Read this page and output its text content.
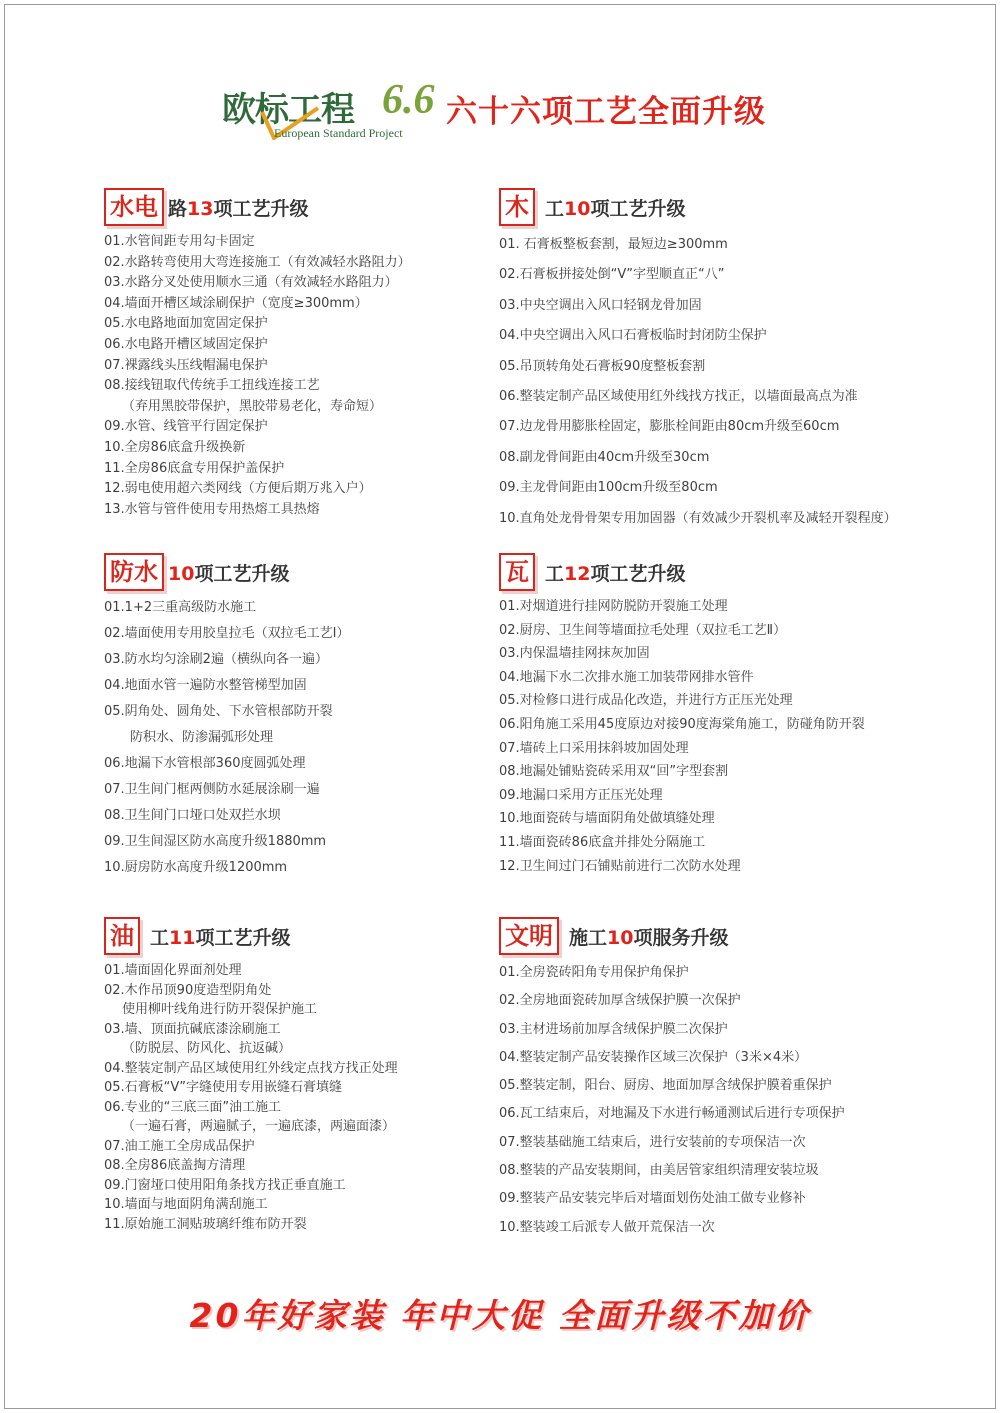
欧标工程 6.6
European Standard Project
六十六项工艺全面升级
水电 路13项工艺升级
01.水管间距专用勾卡固定
02.水路转弯使用大弯连接施工（有效减轻水路阻力）
03.水路分叉处使用顺水三通（有效减轻水路阻力）
04.墙面开槽区域涂刷保护（宽度≥300mm）
05.水电路地面加宽固定保护
06.水电路开槽区域固定保护
07.裸露线头压线帽漏电保护
08.接线钮取代传统手工扭线连接工艺
（弃用黑胶带保护，黑胶带易老化，寿命短）
09.水管、线管平行固定保护
10.全房86底盒升级换新
11.全房86底盒专用保护盖保护
12.弱电使用超六类网线（方便后期万兆入户）
13.水管与管件使用专用热熔工具热熔
木 工10项工艺升级
01. 石膏板整板套割，最短边≥300mm
02.石膏板拼接处倒“V”字型顺直正“八”
03.中央空调出入风口轻钢龙骨加固
04.中央空调出入风口石膏板临时封闭防尘保护
05.吊顶转角处石膏板90度整板套割
06.整装定制产品区域使用红外线找方找正，以墙面最高点为准
07.边龙骨用膨胀栓固定，膨胀栓间距由80cm升级至60cm
08.副龙骨间距由40cm升级至30cm
09.主龙骨间距由100cm升级至80cm
10.直角处龙骨骨架专用加固器（有效减少开裂机率及减轻开裂程度）
防水 10项工艺升级
01.1+2三重高级防水施工
02.墙面使用专用胶皇拉毛（双拉毛工艺Ⅰ）
03.防水均匀涂刷2遍（横纵向各一遍）
04.地面水管一遍防水整管梯型加固
05.阴角处、圆角处、下水管根部防开裂
防积水、防渗漏弧形处理
06.地漏下水管根部360度圆弧处理
07.卫生间门框两侧防水延展涂刷一遍
08.卫生间门口垭口处双拦水坝
09.卫生间湿区防水高度升级1880mm
10.厨房防水高度升级1200mm
瓦 工12项工艺升级
01.对烟道进行挂网防脱防开裂施工处理
02.厨房、卫生间等墙面拉毛处理（双拉毛工艺Ⅱ）
03.内保温墙挂网抹灰加固
04.地漏下水二次排水施工加装带网排水管件
05.对检修口进行成品化改造，并进行方正压光处理
06.阳角施工采用45度原边对接90度海棠角施工，防碰角防开裂
07.墙砖上口采用抹斜坡加固处理
08.地漏处铺贴瓷砖采用双“回”字型套割
09.地漏口采用方正压光处理
10.地面瓷砖与墙面阴角处做填缝处理
11.墙面瓷砖86底盒并排处分隔施工
12.卫生间过门石铺贴前进行二次防水处理
油 工11项工艺升级
01.墙面固化界面剂处理
02.木作吊顶90度造型阴角处
使用柳叶线角进行防开裂保护施工
03.墙、顶面抗碱底漆涂刷施工
（防脱层、防风化、抗返碱）
04.整装定制产品区域使用红外线定点找方找正处理
05.石膏板“V”字缝使用专用嵌缝石膏填缝
06.专业的“三底三面”油工施工
（一遍石膏，两遍腻子，一遍底漆，两遍面漆）
07.油工施工全房成品保护
08.全房86底盖掏方清理
09.门窗垭口使用阳角条找方找正垂直施工
10.墙面与地面阴角满刮施工
11.原始施工洞贴玻璃纤维布防开裂
文明 施工10项服务升级
01.全房瓷砖阳角专用保护角保护
02.全房地面瓷砖加厚含绒保护膜一次保护
03.主材进场前加厚含绒保护膜二次保护
04.整装定制产品安装操作区域三次保护（3米×4米）
05.整装定制，阳台、厨房、地面加厚含绒保护膜着重保护
06.瓦工结束后，对地漏及下水进行畅通测试后进行专项保护
07.整装基础施工结束后，进行安装前的专项保洁一次
08.整装的产品安装期间，由美居管家组织清理安装垃圾
09.整装产品安装完毕后对墙面划伤处油工做专业修补
10.整装竣工后派专人做开荒保洁一次
20年好家装 年中大促 全面升级不加价
